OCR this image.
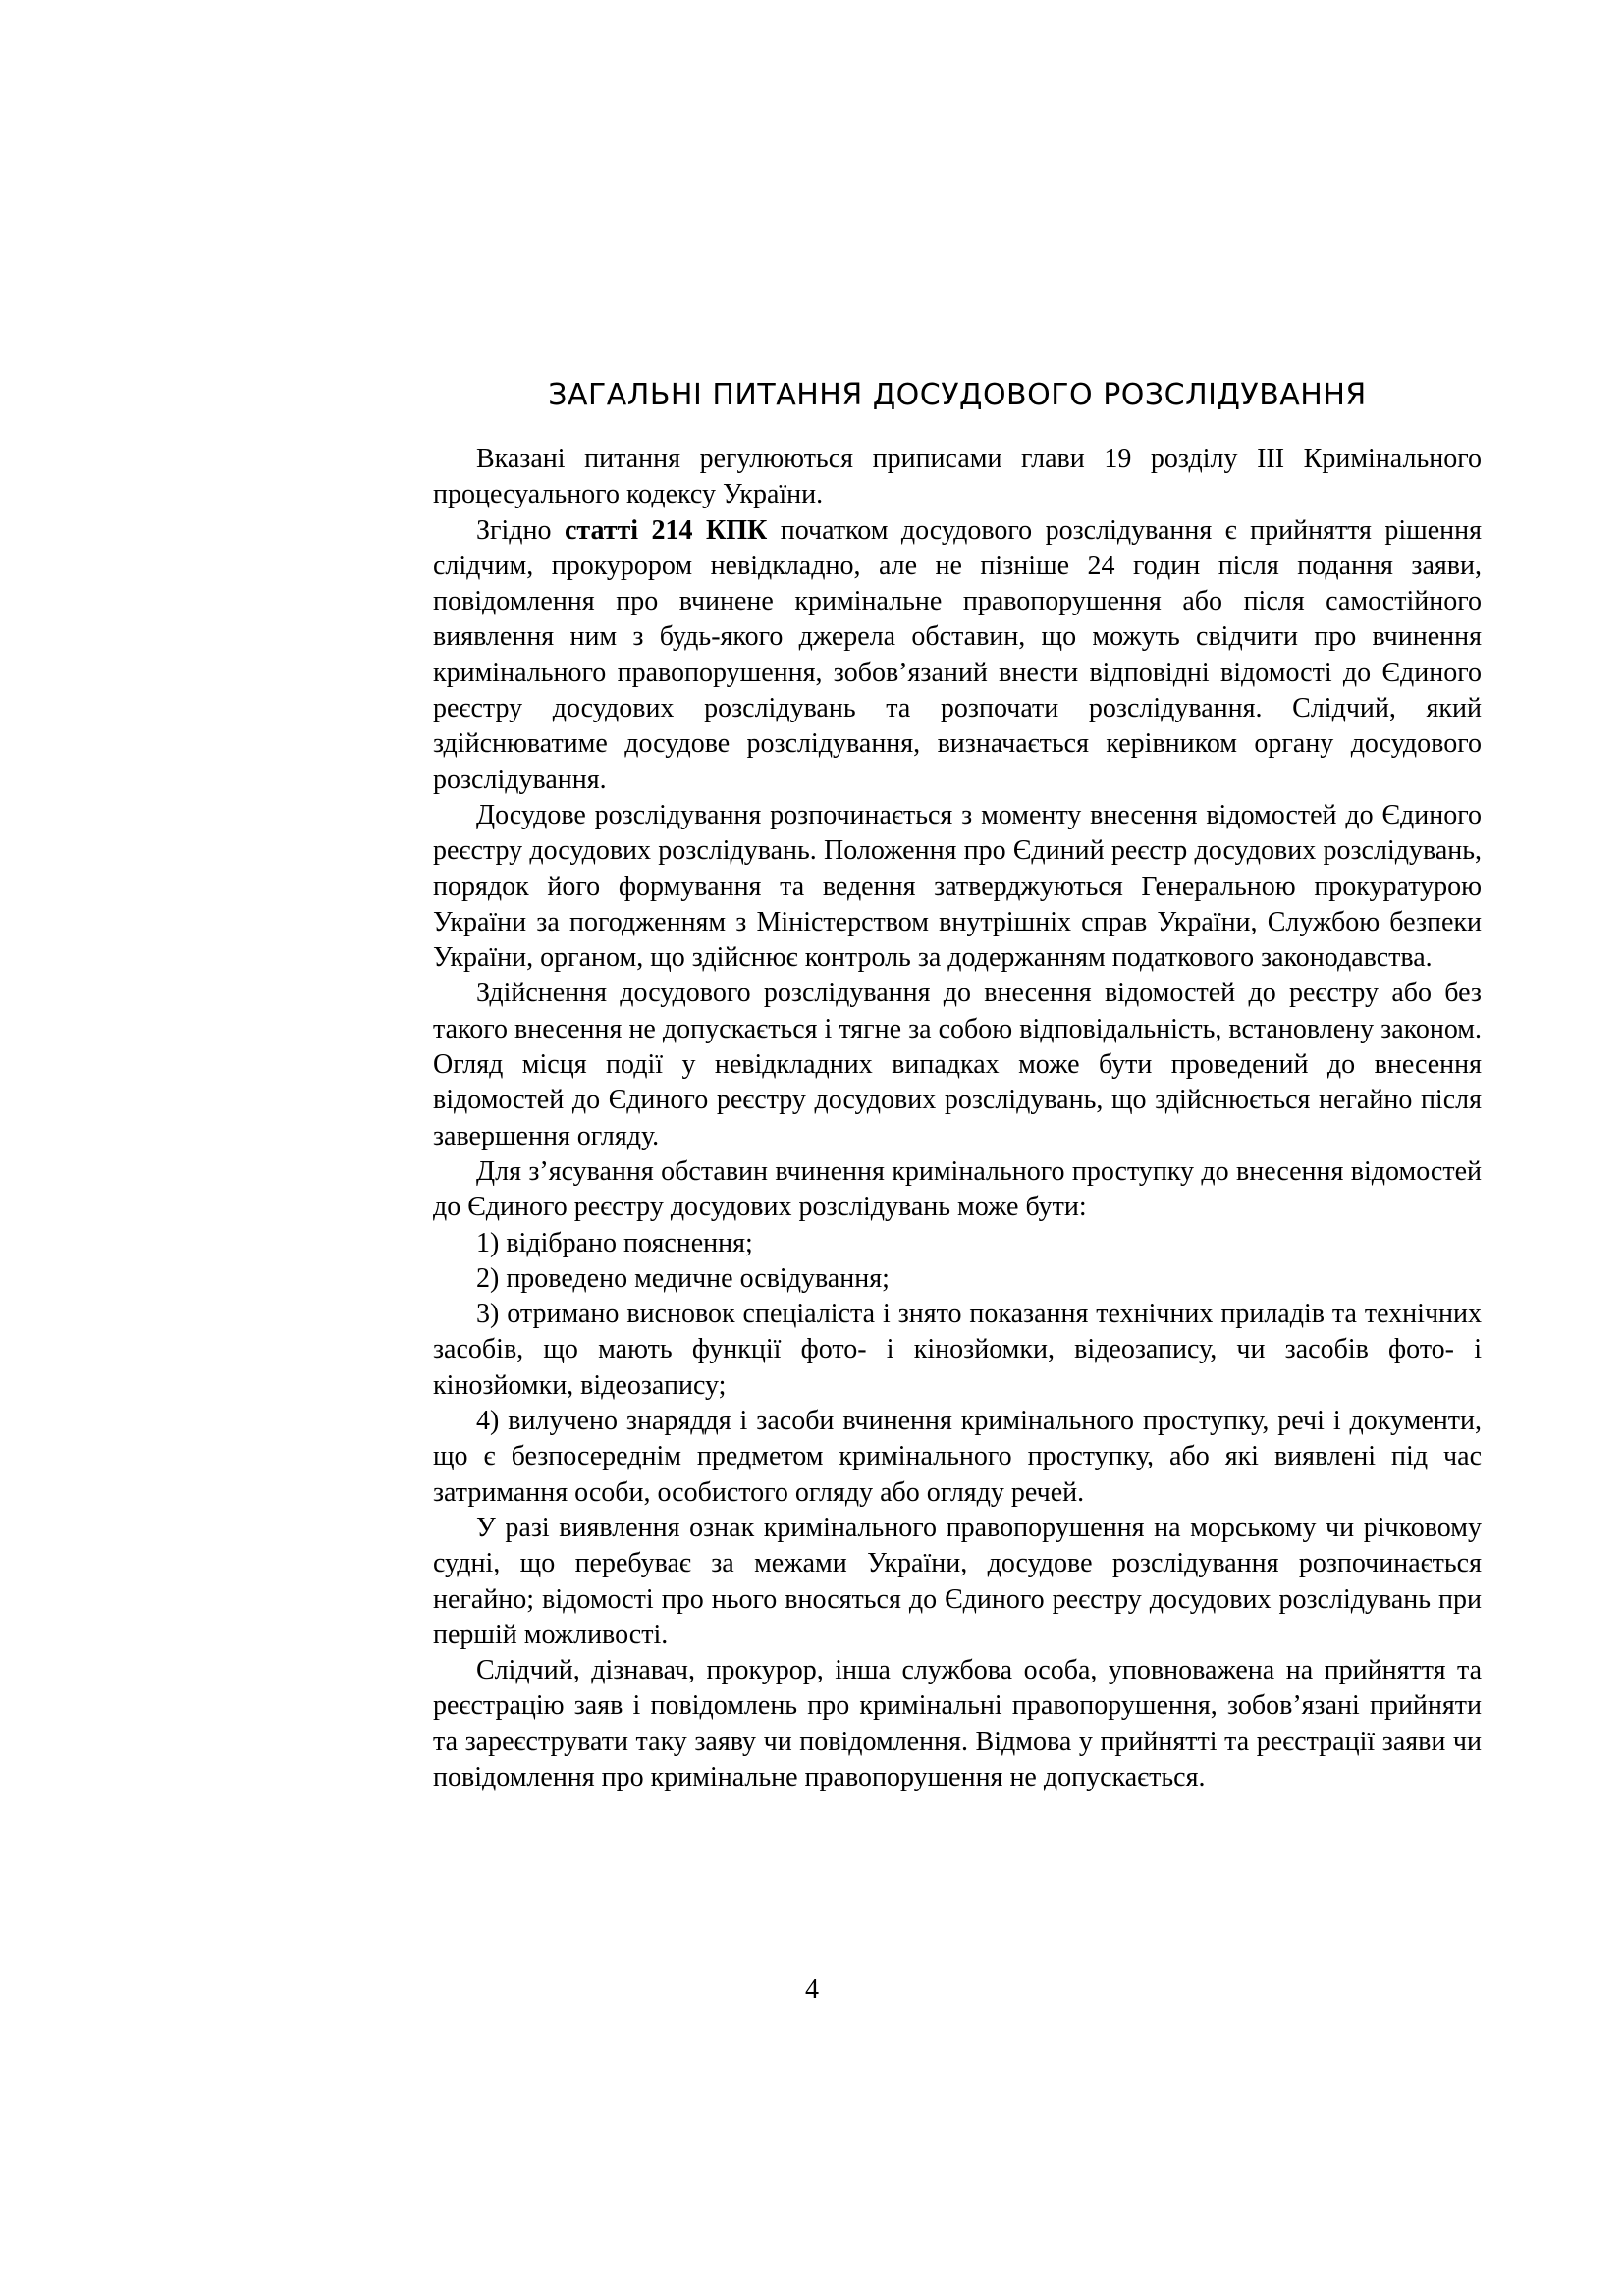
ЗАГАЛЬНІ ПИТАННЯ ДОСУДОВОГО РОЗСЛІДУВАННЯ

Вказані питання регулюються приписами глави 19 розділу ІІІ Кримінального процесуального кодексу України.

Згідно статті 214 КПК початком досудового розслідування є прийняття рішення слідчим, прокурором невідкладно, але не пізніше 24 годин після подання заяви, повідомлення про вчинене кримінальне правопорушення або після самостійного виявлення ним з будь-якого джерела обставин, що можуть свідчити про вчинення кримінального правопорушення, зобов’язаний внести відповідні відомості до Єдиного реєстру досудових розслідувань та розпочати розслідування. Слідчий, який здійснюватиме досудове розслідування, визначається керівником органу досудового розслідування.

Досудове розслідування розпочинається з моменту внесення відомостей до Єдиного реєстру досудових розслідувань. Положення про Єдиний реєстр досудових розслідувань, порядок його формування та ведення затверджуються Генеральною прокуратурою України за погодженням з Міністерством внутрішніх справ України, Службою безпеки України, органом, що здійснює контроль за додержанням податкового законодавства.

Здійснення досудового розслідування до внесення відомостей до реєстру або без такого внесення не допускається і тягне за собою відповідальність, встановлену законом. Огляд місця події у невідкладних випадках може бути проведений до внесення відомостей до Єдиного реєстру досудових розслідувань, що здійснюється негайно після завершення огляду.

Для з’ясування обставин вчинення кримінального проступку до внесення відомостей до Єдиного реєстру досудових розслідувань може бути:

1) відібрано пояснення;

2) проведено медичне освідування;

3) отримано висновок спеціаліста і знято показання технічних приладів та технічних засобів, що мають функції фото- і кінозйомки, відеозапису, чи засобів фото- і кінозйомки, відеозапису;

4) вилучено знаряддя і засоби вчинення кримінального проступку, речі і документи, що є безпосереднім предметом кримінального проступку, або які виявлені під час затримання особи, особистого огляду або огляду речей.

У разі виявлення ознак кримінального правопорушення на морському чи річковому судні, що перебуває за межами України, досудове розслідування розпочинається негайно; відомості про нього вносяться до Єдиного реєстру досудових розслідувань при першій можливості.

Слідчий, дізнавач, прокурор, інша службова особа, уповноважена на прийняття та реєстрацію заяв і повідомлень про кримінальні правопорушення, зобов’язані прийняти та зареєструвати таку заяву чи повідомлення. Відмова у прийнятті та реєстрації заяви чи повідомлення про кримінальне правопорушення не допускається.

4
